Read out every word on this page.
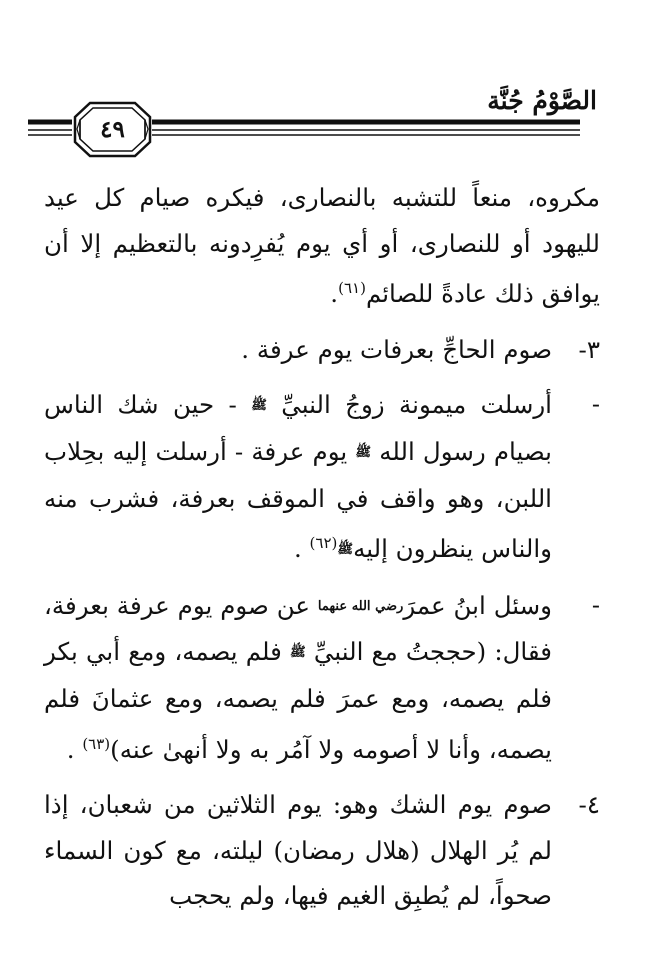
الصَّوْمُ جُنَّة
٤٩

مكروه، منعاً للتشبه بالنصارى، فيكره صيام كل عيد لليهود أو للنصارى، أو أي يوم يُفرِدونه بالتعظيم إلا أن يوافق ذلك عادةً للصائم$^{(٦١)}$.

٣-
صوم الحاجِّ بعرفات يوم عرفة .

-
أرسلت ميمونة زوجُ النبيِّ ﷺ - حين شك الناس بصيام رسول الله ﷺ يوم عرفة - أرسلت إليه بحِلاب اللبن، وهو واقف في الموقف بعرفة، فشرب منه والناس ينظرون إليهﷺ$^{(٦٢)}$ .

-
وسئل ابنُ عمرَرضي الله عنهما عن صوم يوم عرفة بعرفة، فقال: (حججتُ مع النبيِّ ﷺ فلم يصمه، ومع أبي بكر فلم يصمه، ومع عمرَ فلم يصمه، ومع عثمانَ فلم يصمه، وأنا لا أصومه ولا آمُر به ولا أنهىٰ عنه)$^{(٦٣)}$ .

٤-
صوم يوم الشك وهو: يوم الثلاثين من شعبان، إذا لم يُر الهلال (هلال رمضان) ليلته، مع كون السماء صحواً، لم يُطبِق الغيم فيها، ولم يحجب
